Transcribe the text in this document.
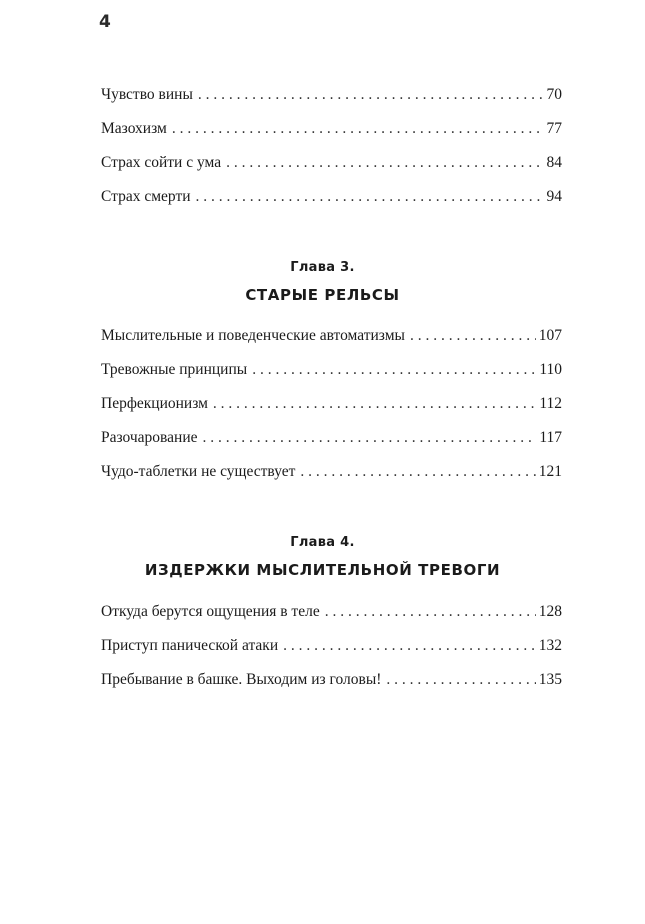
4
Чувство вины . . .	70
Мазохизм . . .	77
Страх сойти с ума . . .	84
Страх смерти . . .	94
Глава 3.
СТАРЫЕ РЕЛЬСЫ
Мыслительные и поведенческие автоматизмы . . .	107
Тревожные принципы . . .	110
Перфекционизм . . .	112
Разочарование . . .	117
Чудо-таблетки не существует . . .	121
Глава 4.
ИЗДЕРЖКИ МЫСЛИТЕЛЬНОЙ ТРЕВОГИ
Откуда берутся ощущения в теле . . .	128
Приступ панической атаки . . .	132
Пребывание в башке. Выходим из головы! . . .	135
